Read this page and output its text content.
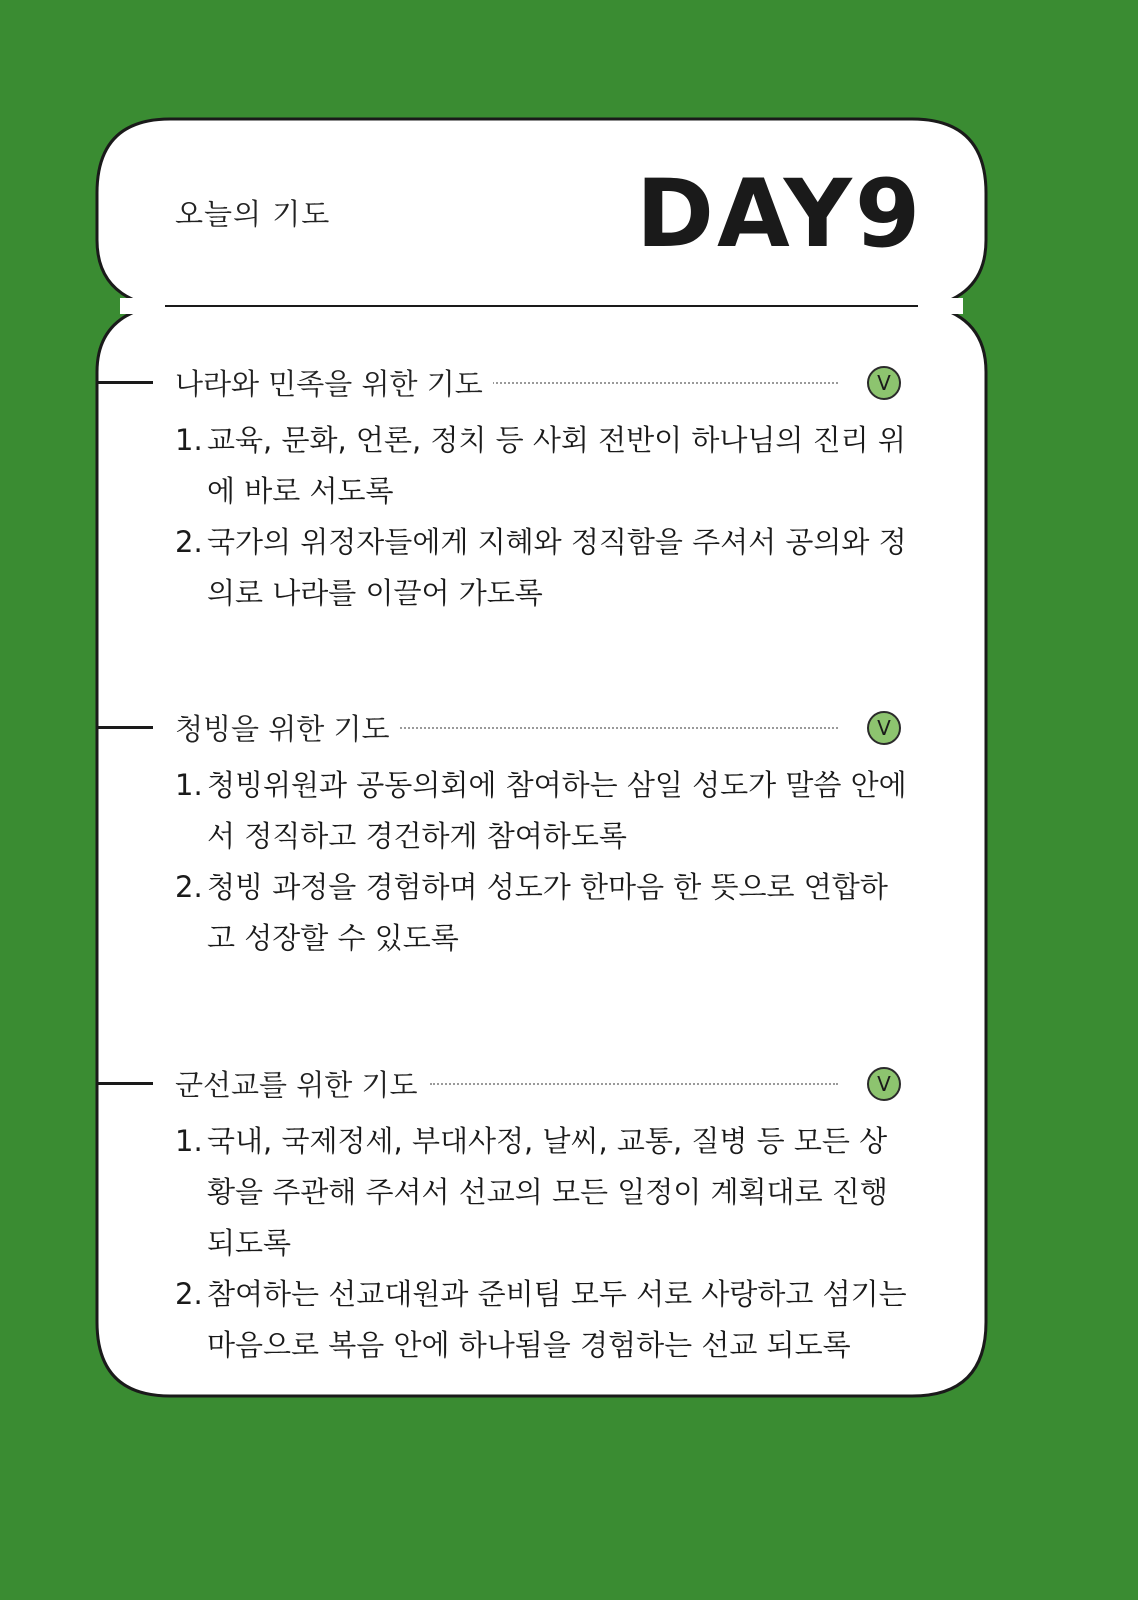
오늘의 기도	DAY9
나라와 민족을 위한 기도	V
1. 교육, 문화, 언론, 정치 등 사회 전반이 하나님의 진리 위에 바로 서도록
2. 국가의 위정자들에게 지혜와 정직함을 주셔서 공의와 정의로 나라를 이끌어 가도록
청빙을 위한 기도	V
1. 청빙위원과 공동의회에 참여하는 삼일 성도가 말씀 안에서 정직하고 경건하게 참여하도록
2. 청빙 과정을 경험하며 성도가 한마음 한 뜻으로 연합하고 성장할 수 있도록
군선교를 위한 기도	V
1. 국내, 국제정세, 부대사정, 날씨, 교통, 질병 등 모든 상황을 주관해 주셔서 선교의 모든 일정이 계획대로 진행 되도록
2. 참여하는 선교대원과 준비팀 모두 서로 사랑하고 섬기는 마음으로 복음 안에 하나됨을 경험하는 선교 되도록
